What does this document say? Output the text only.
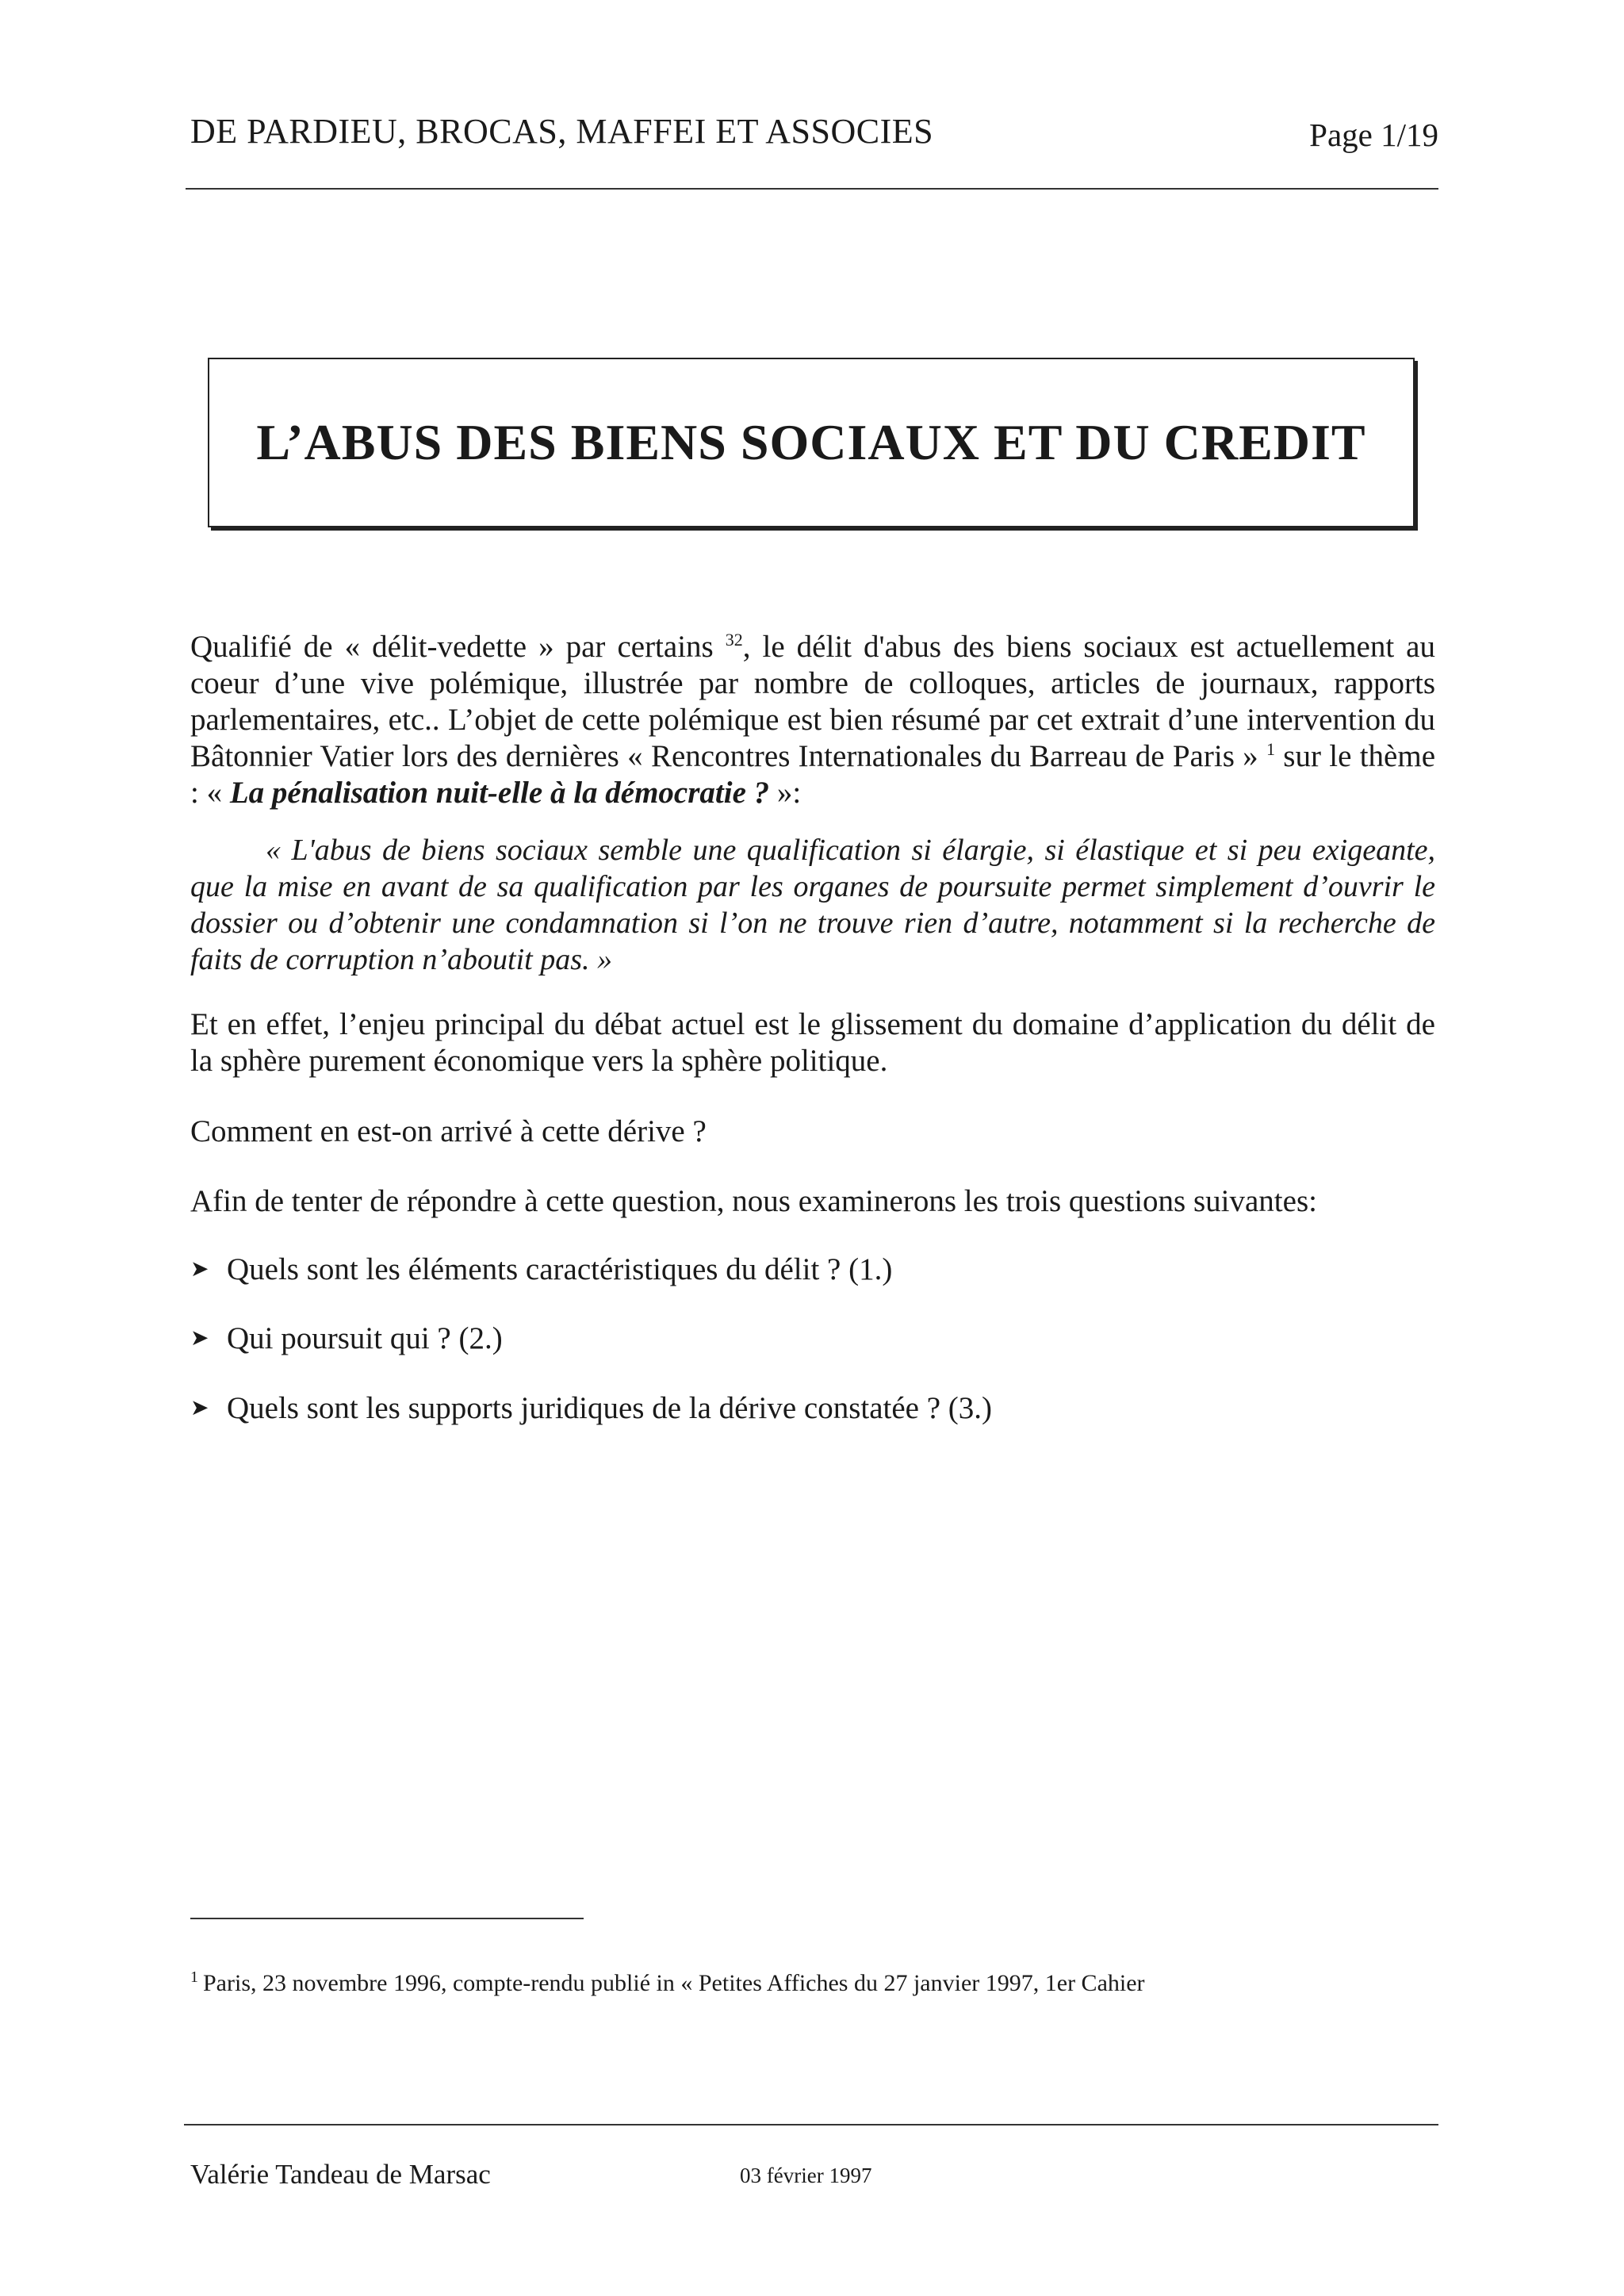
DE PARDIEU, BROCAS, MAFFEI ET ASSOCIES	Page 1/19
L’ABUS DES BIENS SOCIAUX ET DU CREDIT

Qualifié de « délit-vedette » par certains $^{32}$, le délit d'abus des biens sociaux est actuellement au coeur d’une vive polémique, illustrée par nombre de colloques, articles de journaux, rapports parlementaires, etc.. L’objet de cette polémique est bien résumé par cet extrait d’une intervention du Bâtonnier Vatier lors des dernières « Rencontres Internationales du Barreau de Paris » $^1$ sur le thème : « La pénalisation nuit-elle à la démocratie ? »:

« L'abus de biens sociaux semble une qualification si élargie, si élastique et si peu exigeante, que la mise en avant de sa qualification par les organes de poursuite permet simplement d’ouvrir le dossier ou d’obtenir une condamnation si l’on ne trouve rien d’autre, notamment si la recherche de faits de corruption n’aboutit pas. »

Et en effet, l’enjeu principal du débat actuel est le glissement du domaine d’application du délit de la sphère purement économique vers la sphère politique.

Comment en est-on arrivé à cette dérive ?

Afin de tenter de répondre à cette question, nous examinerons les trois questions suivantes:

➤ Quels sont les éléments caractéristiques du délit ? (1.)
➤ Qui poursuit qui ? (2.)
➤ Quels sont les supports juridiques de la dérive constatée ? (3.)
$^1$ Paris, 23 novembre 1996, compte-rendu publié in « Petites Affiches du 27 janvier 1997, 1er Cahier
Valérie Tandeau de Marsac	03 février 1997
